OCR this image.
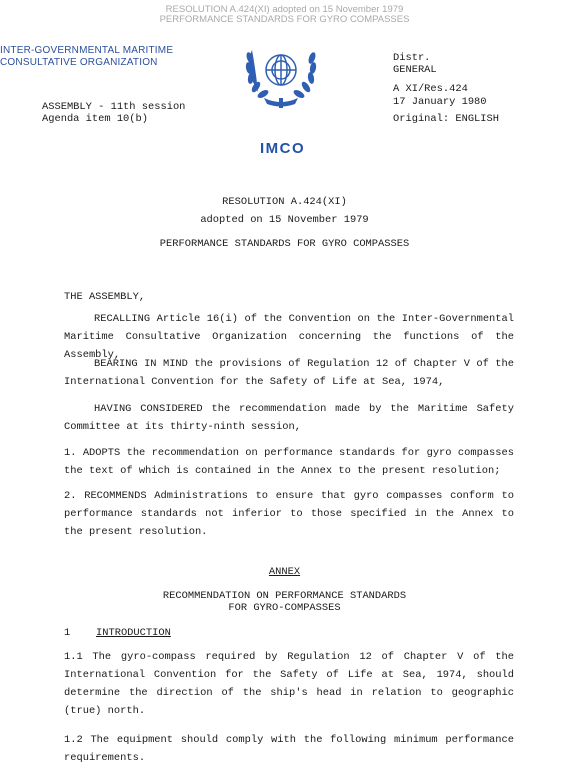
RESOLUTION A.424(XI) adopted on 15 November 1979
PERFORMANCE STANDARDS FOR GYRO COMPASSES
INTER-GOVERNMENTAL MARITIME
CONSULTATIVE ORGANIZATION	Distr.
GENERAL
A XI/Res.424
17 January 1980
Original: ENGLISH
ASSEMBLY - 11th session
Agenda item 10(b)
IMCO
RESOLUTION A.424(XI)
adopted on 15 November 1979
PERFORMANCE STANDARDS FOR GYRO COMPASSES
THE ASSEMBLY,
RECALLING Article 16(i) of the Convention on the Inter-Governmental Maritime Consultative Organization concerning the functions of the Assembly,
BEARING IN MIND the provisions of Regulation 12 of Chapter V of the International Convention for the Safety of Life at Sea, 1974,
HAVING CONSIDERED the recommendation made by the Maritime Safety Committee at its thirty-ninth session,
1. ADOPTS the recommendation on performance standards for gyro compasses the text of which is contained in the Annex to the present resolution;
2. RECOMMENDS Administrations to ensure that gyro compasses conform to performance standards not inferior to those specified in the Annex to the present resolution.
ANNEX
RECOMMENDATION ON PERFORMANCE STANDARDS
FOR GYRO-COMPASSES
1 INTRODUCTION
1.1 The gyro-compass required by Regulation 12 of Chapter V of the International Convention for the Safety of Life at Sea, 1974, should determine the direction of the ship's head in relation to geographic (true) north.
1.2 The equipment should comply with the following minimum performance requirements.
